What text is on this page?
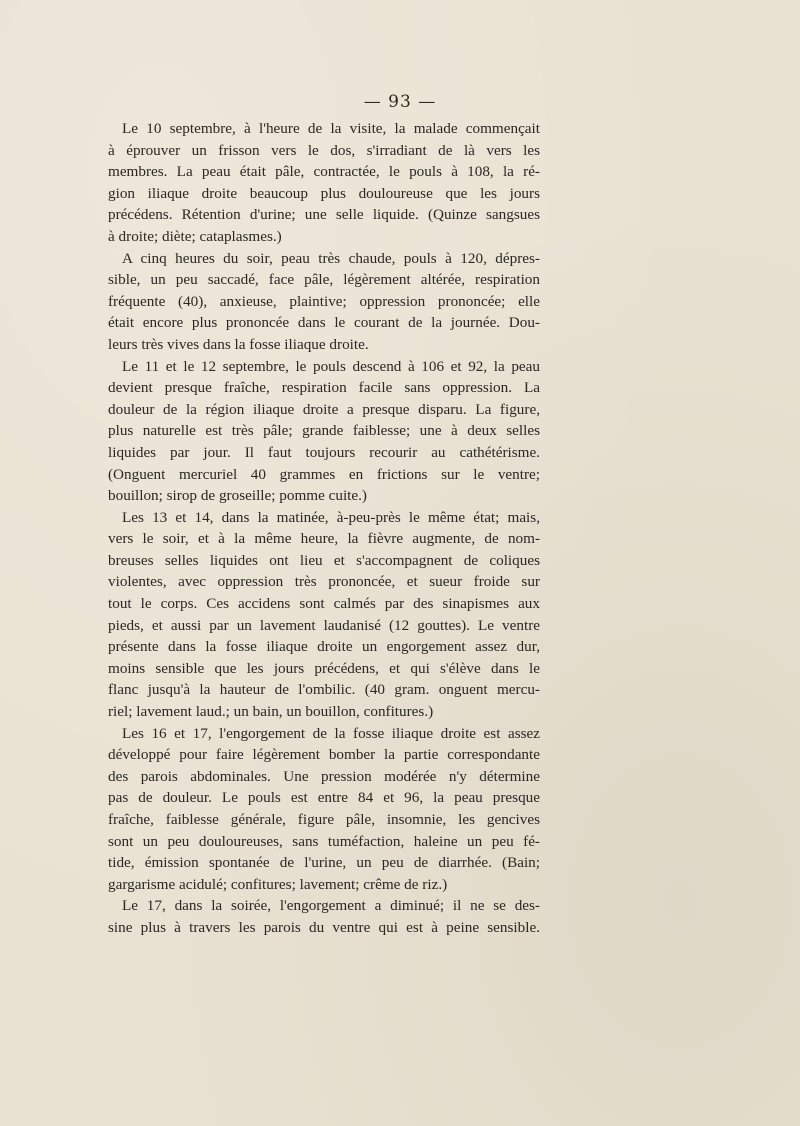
— 93 —
Le 10 septembre, à l'heure de la visite, la malade commençait
à éprouver un frisson vers le dos, s'irradiant de là vers les
membres. La peau était pâle, contractée, le pouls à 108, la ré-
gion iliaque droite beaucoup plus douloureuse que les jours
précédens. Rétention d'urine; une selle liquide. (Quinze sangsues
à droite; diète; cataplasmes.)
A cinq heures du soir, peau très chaude, pouls à 120, dépres-
sible, un peu saccadé, face pâle, légèrement altérée, respiration
fréquente (40), anxieuse, plaintive; oppression prononcée; elle
était encore plus prononcée dans le courant de la journée. Dou-
leurs très vives dans la fosse iliaque droite.
Le 11 et le 12 septembre, le pouls descend à 106 et 92, la peau
devient presque fraîche, respiration facile sans oppression. La
douleur de la région iliaque droite a presque disparu. La figure,
plus naturelle est très pâle; grande faiblesse; une à deux selles
liquides par jour. Il faut toujours recourir au cathétérisme.
(Onguent mercuriel 40 grammes en frictions sur le ventre;
bouillon; sirop de groseille; pomme cuite.)
Les 13 et 14, dans la matinée, à-peu-près le même état; mais,
vers le soir, et à la même heure, la fièvre augmente, de nom-
breuses selles liquides ont lieu et s'accompagnent de coliques
violentes, avec oppression très prononcée, et sueur froide sur
tout le corps. Ces accidens sont calmés par des sinapismes aux
pieds, et aussi par un lavement laudanisé (12 gouttes). Le ventre
présente dans la fosse iliaque droite un engorgement assez dur,
moins sensible que les jours précédens, et qui s'élève dans le
flanc jusqu'à la hauteur de l'ombilic. (40 gram. onguent mercu-
riel; lavement laud.; un bain, un bouillon, confitures.)
Les 16 et 17, l'engorgement de la fosse iliaque droite est assez
développé pour faire légèrement bomber la partie correspondante
des parois abdominales. Une pression modérée n'y détermine
pas de douleur. Le pouls est entre 84 et 96, la peau presque
fraîche, faiblesse générale, figure pâle, insomnie, les gencives
sont un peu douloureuses, sans tuméfaction, haleine un peu fé-
tide, émission spontanée de l'urine, un peu de diarrhée. (Bain;
gargarisme acidulé; confitures; lavement; crême de riz.)
Le 17, dans la soirée, l'engorgement a diminué; il ne se des-
sine plus à travers les parois du ventre qui est à peine sensible.
